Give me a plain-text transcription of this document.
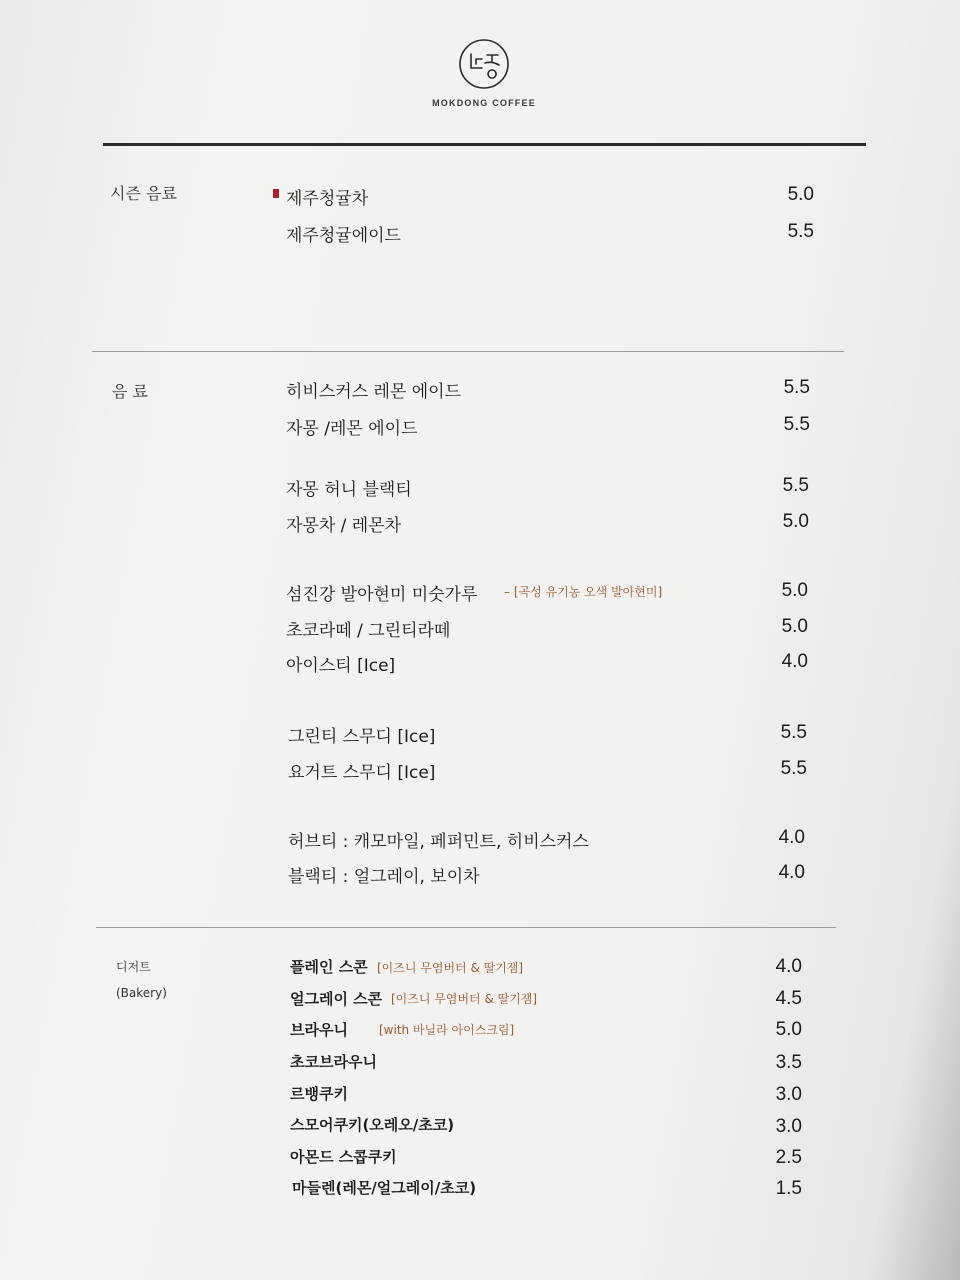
MOKDONG COFFEE
시즌 음료	제주청귤차	5.0
제주청귤에이드	5.5
음 료	히비스커스 레몬 에이드	5.5
자몽 /레몬 에이드	5.5
자몽 허니 블랙티	5.5
자몽차 / 레몬차	5.0
섬진강 발아현미 미숫가루 – [곡성 유기농 오색 발아현미]	5.0
초코라떼 / 그린티라떼	5.0
아이스티 [Ice]	4.0
그린티 스무디 [Ice]	5.5
요거트 스무디 [Ice]	5.5
허브티 : 캐모마일, 페퍼민트, 히비스커스	4.0
블랙티 : 얼그레이, 보이차	4.0
디저트
(Bakery)
플레인 스콘 [이즈니 무염버터 & 딸기잼]	4.0
얼그레이 스콘 [이즈니 무염버터 & 딸기잼]	4.5
브라우니	[with 바닐라 아이스크림]	5.0
초코브라우니	3.5
르뱅쿠키	3.0
스모어쿠키(오레오/초코)	3.0
아몬드 스콥쿠키	2.5
마들렌(레몬/얼그레이/초코)	1.5
